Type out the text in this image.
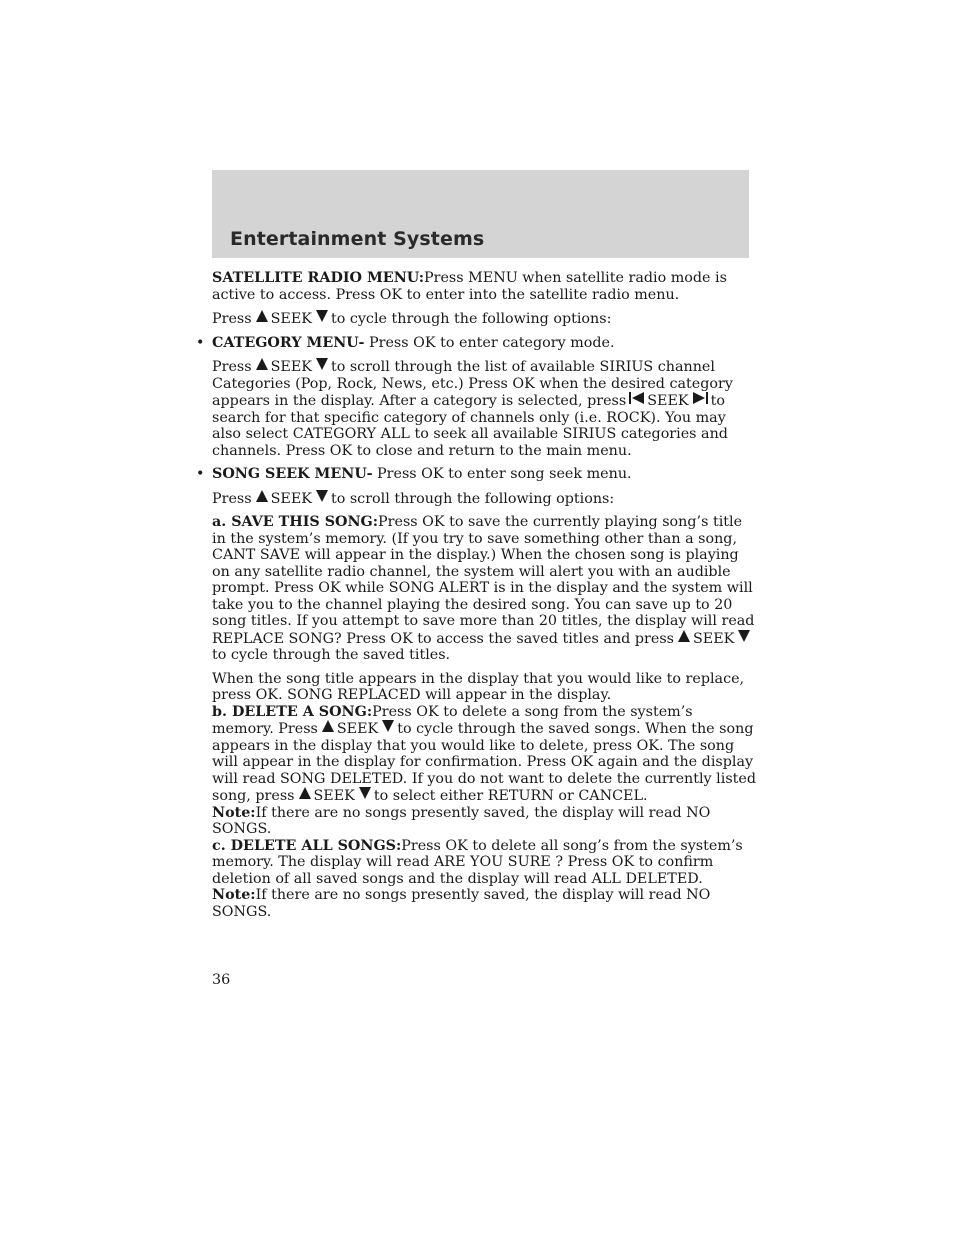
Entertainment Systems

SATELLITE RADIO MENU:Press MENU when satellite radio mode is active to access. Press OK to enter into the satellite radio menu.

Press SEEK to cycle through the following options:

• CATEGORY MENU- Press OK to enter category mode.

Press SEEK to scroll through the list of available SIRIUS channel Categories (Pop, Rock, News, etc.) Press OK when the desired category appears in the display. After a category is selected, press SEEK to search for that specific category of channels only (i.e. ROCK). You may also select CATEGORY ALL to seek all available SIRIUS categories and channels. Press OK to close and return to the main menu.

• SONG SEEK MENU- Press OK to enter song seek menu.

Press SEEK to scroll through the following options:

a. SAVE THIS SONG:Press OK to save the currently playing song’s title in the system’s memory. (If you try to save something other than a song, CANT SAVE will appear in the display.) When the chosen song is playing on any satellite radio channel, the system will alert you with an audible prompt. Press OK while SONG ALERT is in the display and the system will take you to the channel playing the desired song. You can save up to 20 song titles. If you attempt to save more than 20 titles, the display will read REPLACE SONG? Press OK to access the saved titles and press SEEKto cycle through the saved titles.

When the song title appears in the display that you would like to replace, press OK. SONG REPLACED will appear in the display.

b. DELETE A SONG:Press OK to delete a song from the system’s memory. Press SEEK to cycle through the saved songs. When the song appears in the display that you would like to delete, press OK. The song will appear in the display for confirmation. Press OK again and the display will read SONG DELETED. If you do not want to delete the currently listed song, press SEEK to select either RETURN or CANCEL.

Note:If there are no songs presently saved, the display will read NO SONGS.

c. DELETE ALL SONGS:Press OK to delete all song’s from the system’s memory. The display will read ARE YOU SURE ? Press OK to confirm deletion of all saved songs and the display will read ALL DELETED.

Note:If there are no songs presently saved, the display will read NO SONGS.

36
